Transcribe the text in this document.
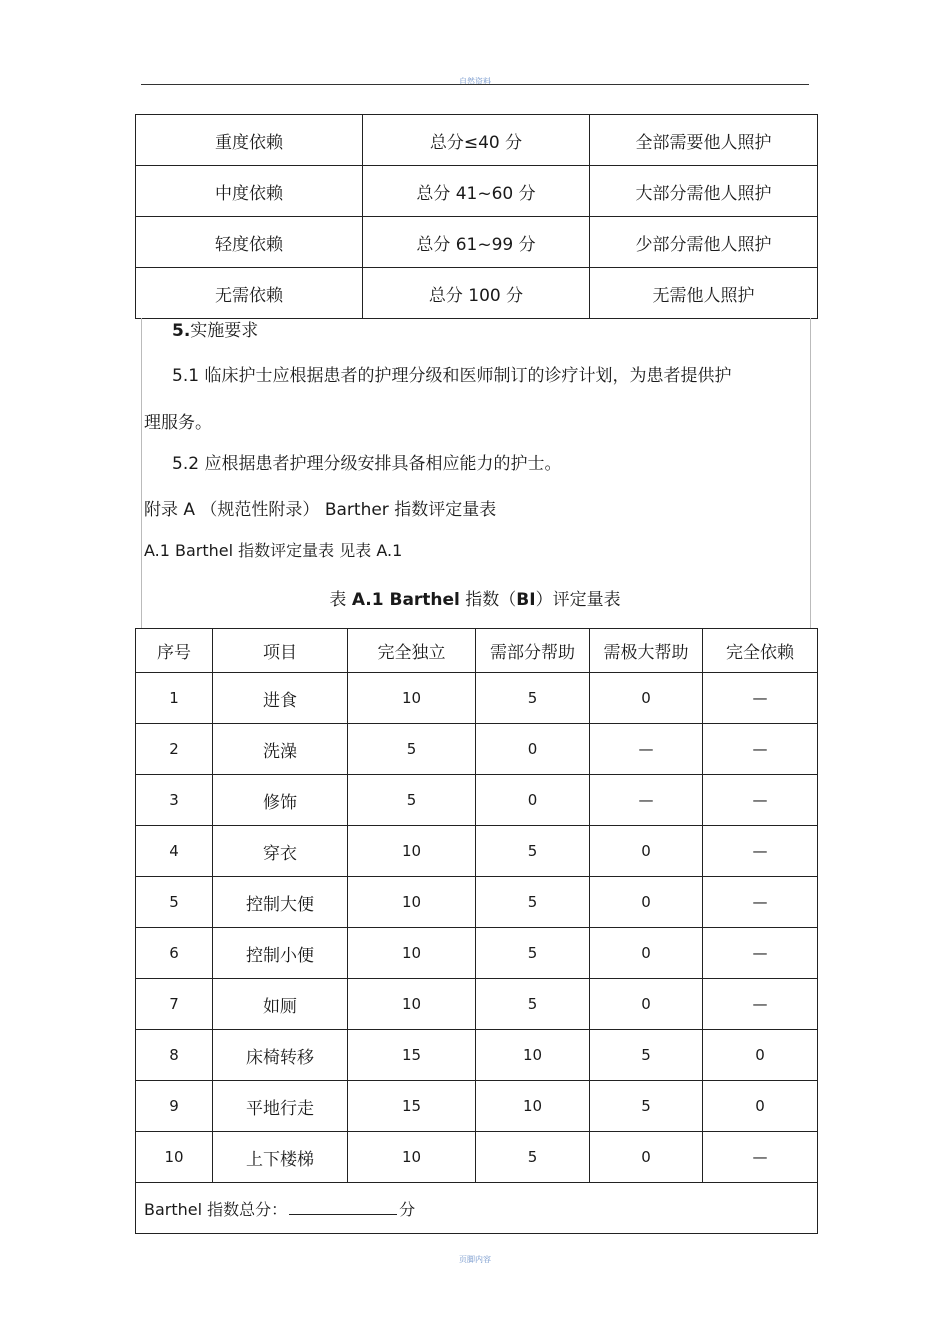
自然资料
重度依赖	总分≤40 分	全部需要他人照护
中度依赖	总分 41~60 分	大部分需他人照护
轻度依赖	总分 61~99 分	少部分需他人照护
无需依赖	总分 100 分	无需他人照护
5.实施要求
5.1 临床护士应根据患者的护理分级和医师制订的诊疗计划，为患者提供护
理服务。
5.2 应根据患者护理分级安排具备相应能力的护士。
附录 A （规范性附录） Barther 指数评定量表
A.1 Barthel 指数评定量表 见表 A.1
表 A.1 Barthel 指数（BI）评定量表
序号	项目	完全独立	需部分帮助	需极大帮助	完全依赖
1	进食	10	5	0	—
2	洗澡	5	0	—	—
3	修饰	5	0	—	—
4	穿衣	10	5	0	—
5	控制大便	10	5	0	—
6	控制小便	10	5	0	—
7	如厕	10	5	0	—
8	床椅转移	15	10	5	0
9	平地行走	15	10	5	0
10	上下楼梯	10	5	0	—
Barthel 指数总分： 分					
页脚内容
